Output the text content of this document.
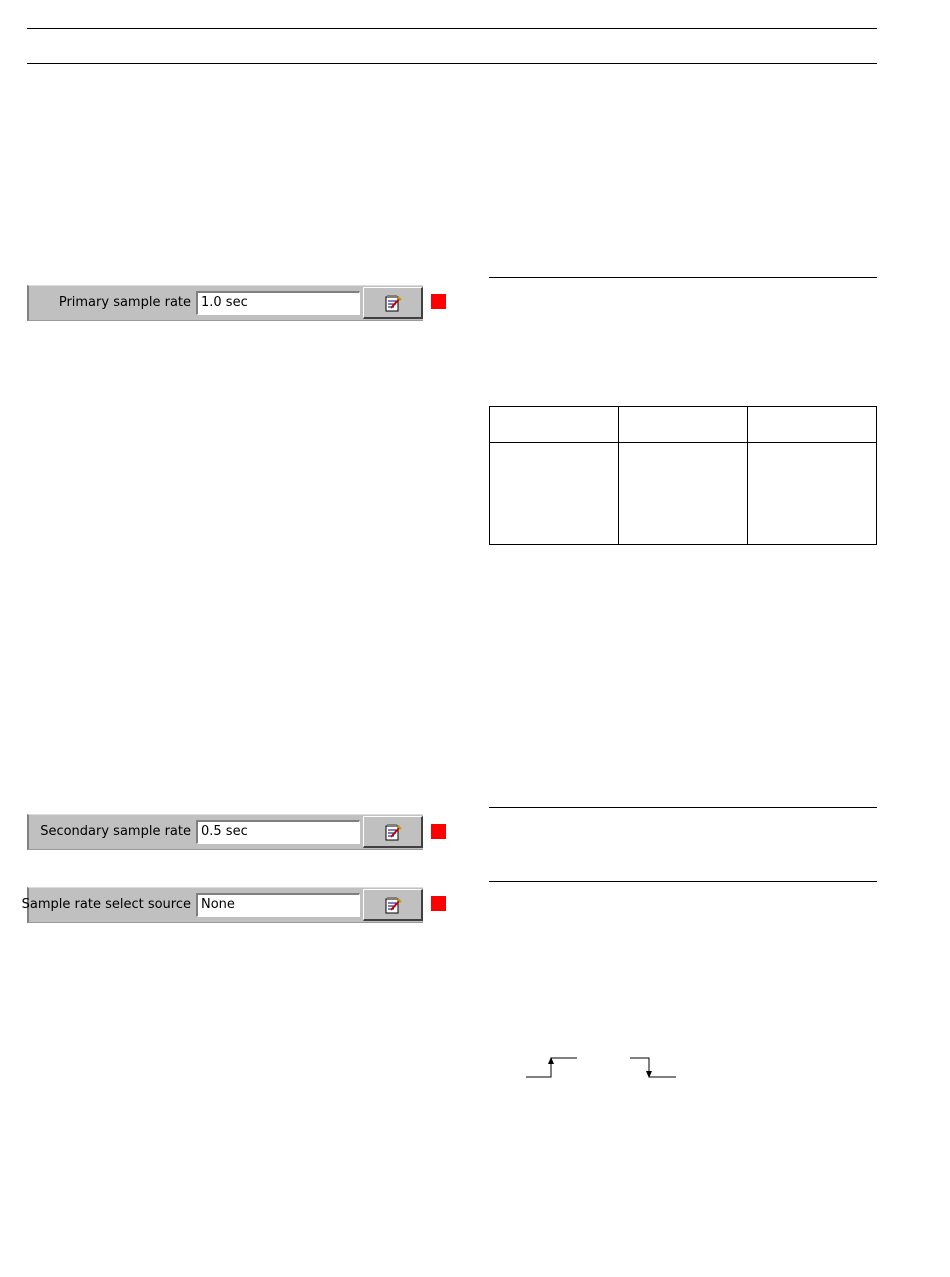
Primary sample rate 1.0 sec

Secondary sample rate 0.5 sec
Sample rate select source None
